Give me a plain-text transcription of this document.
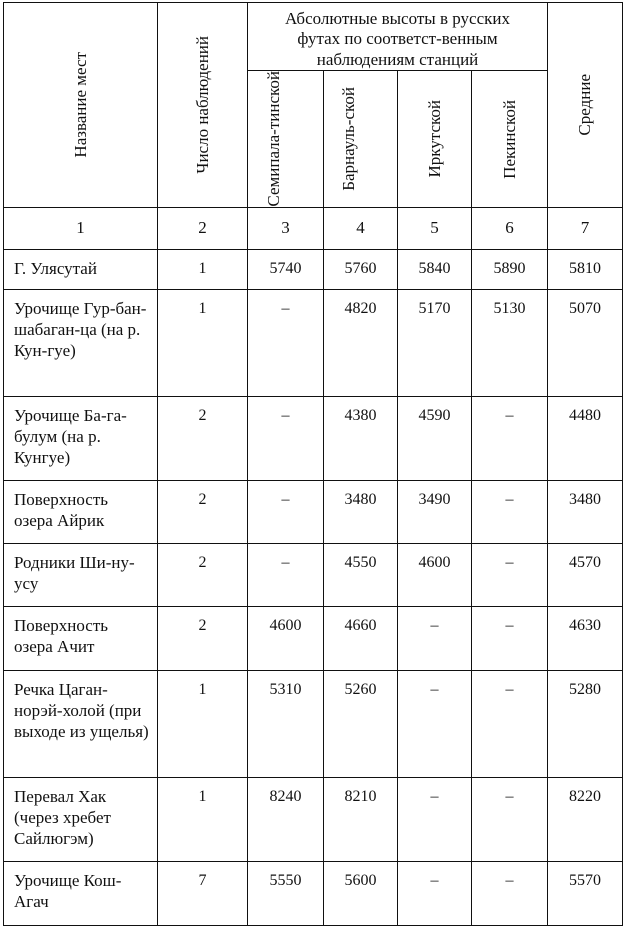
Название мест	Число наблюдений	Абсолютные высоты в русских футах по соответст-венным наблюдениям станций				Средние

		Семипала-тинской	Барнауль-ской	Иркутской	Пекинской	

1	2	3	4	5	6	7
Г. Улясутай	1	5740	5760	5840	5890	5810
Урочище Гур-бан-шабаган-ца (на р. Кун-гуе)	1	–	4820	5170	5130	5070
Урочище Ба-га-булум (на р. Кунгуе)	2	–	4380	4590	–	4480
Поверхность озера Айрик	2	–	3480	3490	–	3480
Родники Ши-ну-усу	2	–	4550	4600	–	4570
Поверхность озера Ачит	2	4600	4660	–	–	4630
Речка Цаган-норэй-холой (при выходе из ущелья)	1	5310	5260	–	–	5280
Перевал Хак (через хребет Сайлюгэм)	1	8240	8210	–	–	8220
Урочище Кош-Агач	7	5550	5600	–	–	5570
